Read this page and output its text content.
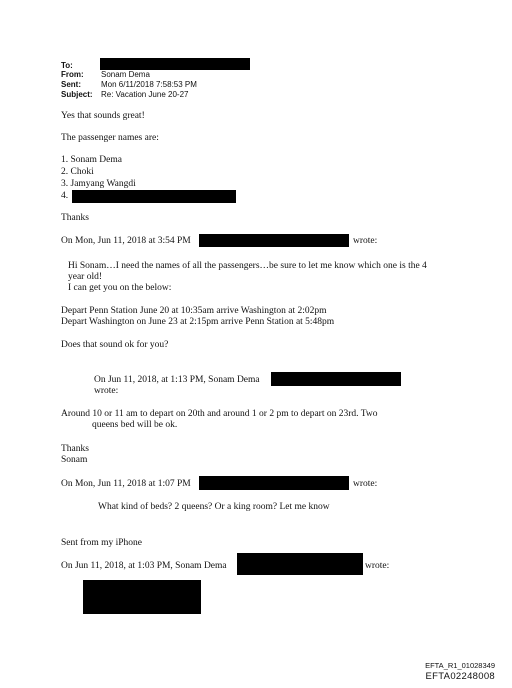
To:
From: Sonam Dema
Sent:	Mon 6/11/2018 7:58:53 PM
Subject: Re: Vacation June 20-27
Yes that sounds great!
The passenger names are:
1. Sonam Dema
2. Choki
3. Jamyang Wangdi
4.
Thanks
On Mon, Jun 11, 2018 at 3:54 PM	wrote:
Hi Sonam…I need the names of all the passengers…be sure to let me know which one is the 4
year old!
I can get you on the below:
Depart Penn Station June 20 at 10:35am arrive Washington at 2:02pm
Depart Washington on June 23 at 2:15pm arrive Penn Station at 5:48pm
Does that sound ok for you?
On Jun 11, 2018, at 1:13 PM, Sonam Dema
wrote:
Around 10 or 11 am to depart on 20th and around 1 or 2 pm to depart on 23rd. Two
queens bed will be ok.
Thanks
Sonam
On Mon, Jun 11, 2018 at 1:07 PM	wrote:
What kind of beds? 2 queens? Or a king room? Let me know
Sent from my iPhone
On Jun 11, 2018, at 1:03 PM, Sonam Dema	wrote:
EFTA_R1_01028349
EFTA02248008
